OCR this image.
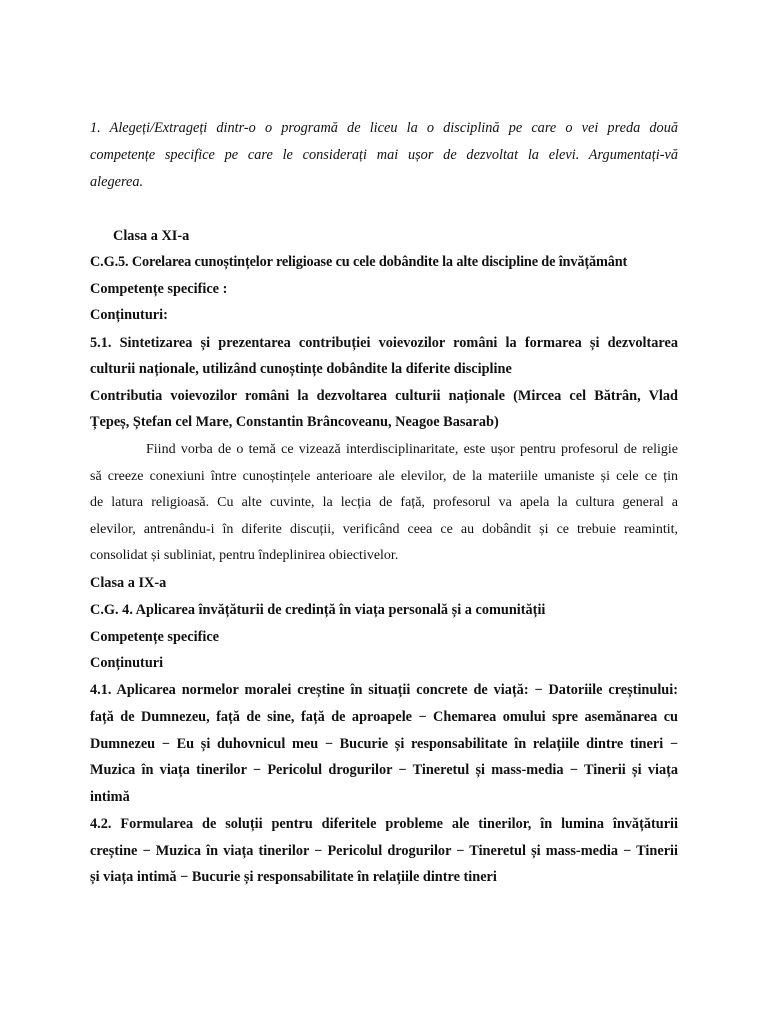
1. Alegeți/Extrageți dintr-o o programă de liceu la o disciplină pe care o vei preda două
competențe specifice pe care le considerați mai ușor de dezvoltat la elevi. Argumentați-vă
alegerea.
Clasa a XI-a
C.G.5. Corelarea cunoștințelor religioase cu cele dobândite la alte discipline de învățământ
Competențe specifice :
Conținuturi:
5.1. Sintetizarea și prezentarea contribuției voievozilor români la formarea și dezvoltarea
culturii naționale, utilizând cunoștințe dobândite la diferite discipline
Contributia voievozilor români la dezvoltarea culturii naționale (Mircea cel Bătrân, Vlad
Țepeș, Ștefan cel Mare, Constantin Brâncoveanu, Neagoe Basarab)
Fiind vorba de o temă ce vizează interdisciplinaritate, este ușor pentru profesorul de religie
să creeze conexiuni între cunoștințele anterioare ale elevilor, de la materiile umaniste și cele ce țin
de latura religioasă. Cu alte cuvinte, la lecția de față, profesorul va apela la cultura general a
elevilor, antrenându-i în diferite discuții, verificând ceea ce au dobândit și ce trebuie reamintit,
consolidat și subliniat, pentru îndeplinirea obiectivelor.
Clasa a IX-a
C.G. 4. Aplicarea învățăturii de credință în viața personală și a comunității
Competențe specifice
Conținuturi
4.1. Aplicarea normelor moralei creștine în situații concrete de viață: − Datoriile creștinului:
față de Dumnezeu, față de sine, față de aproapele − Chemarea omului spre asemănarea cu
Dumnezeu − Eu și duhovnicul meu − Bucurie și responsabilitate în relațiile dintre tineri −
Muzica în viața tinerilor − Pericolul drogurilor − Tineretul și mass-media − Tinerii și viața
intimă
4.2. Formularea de soluții pentru diferitele probleme ale tinerilor, în lumina învățăturii
creștine − Muzica în viața tinerilor − Pericolul drogurilor − Tineretul și mass-media − Tinerii
și viața intimă − Bucurie și responsabilitate în relațiile dintre tineri
